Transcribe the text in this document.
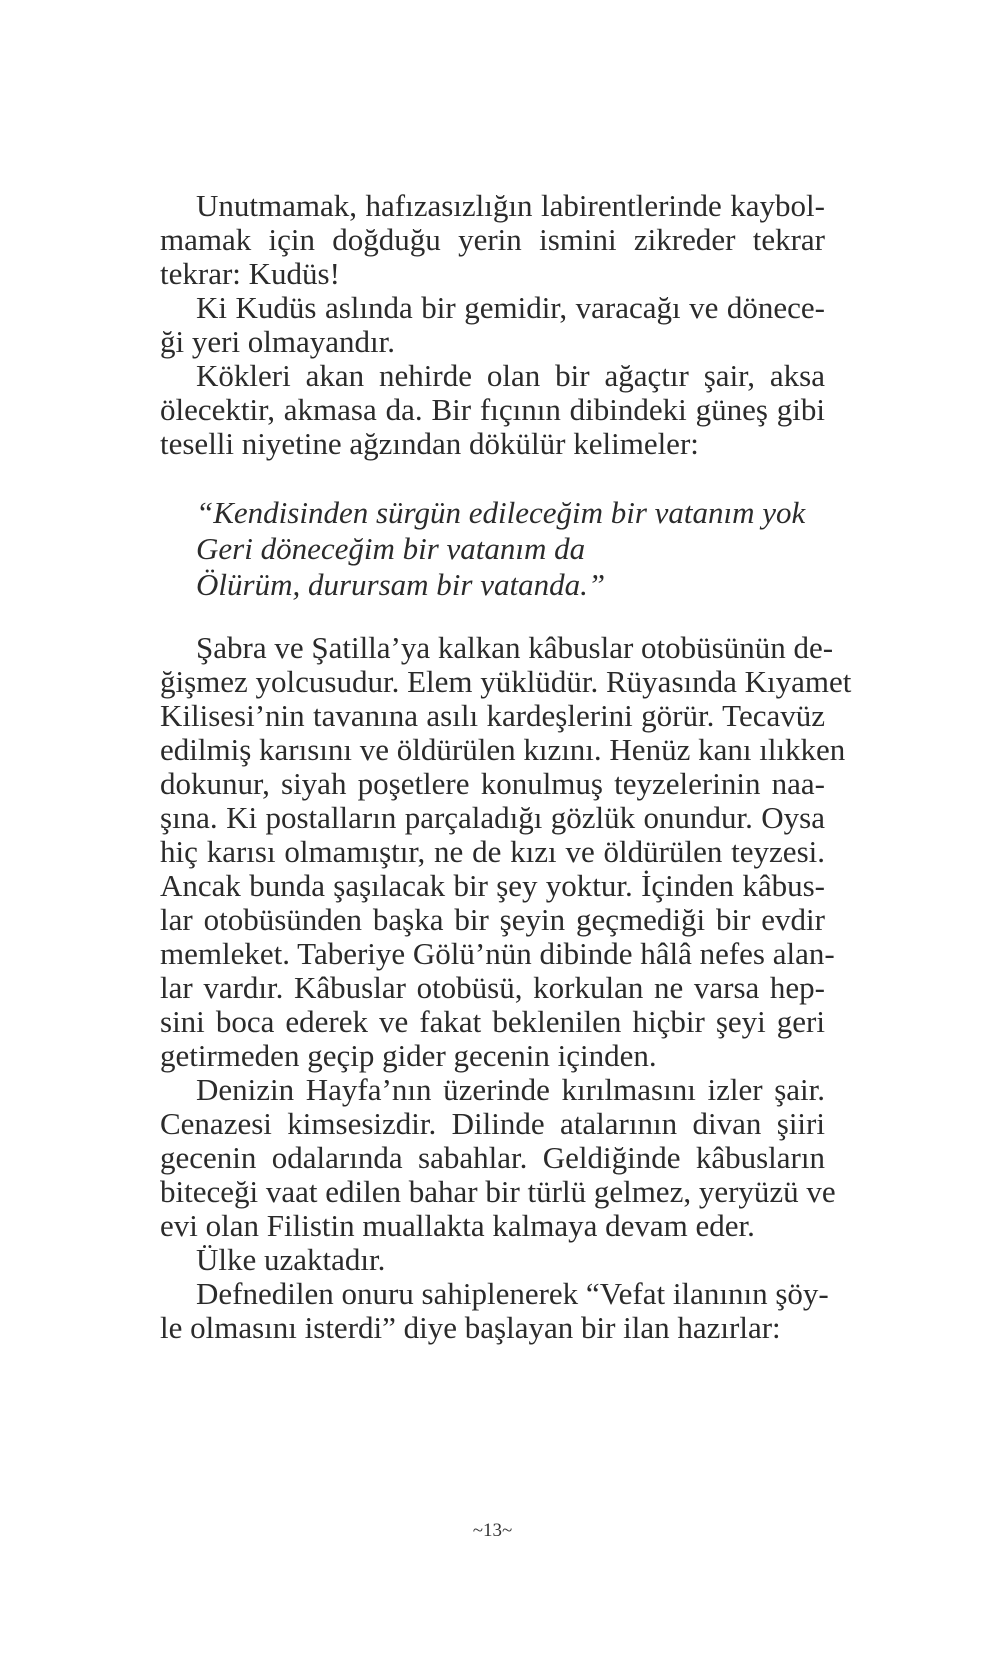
Unutmamak, hafızasızlığın labirentlerinde kaybol-
mamak için doğduğu yerin ismini zikreder tekrar
tekrar: Kudüs!
Ki Kudüs aslında bir gemidir, varacağı ve dönece-
ği yeri olmayandır.
Kökleri akan nehirde olan bir ağaçtır şair, aksa
ölecektir, akmasa da. Bir fıçının dibindeki güneş gibi
teselli niyetine ağzından dökülür kelimeler:
“Kendisinden sürgün edileceğim bir vatanım yok
Geri döneceğim bir vatanım da
Ölürüm, durursam bir vatanda.”
Şabra ve Şatilla’ya kalkan kâbuslar otobüsünün de-
ğişmez yolcusudur. Elem yüklüdür. Rüyasında Kıyamet
Kilisesi’nin tavanına asılı kardeşlerini görür. Tecavüz
edilmiş karısını ve öldürülen kızını. Henüz kanı ılıkken
dokunur, siyah poşetlere konulmuş teyzelerinin naa-
şına. Ki postalların parçaladığı gözlük onundur. Oysa
hiç karısı olmamıştır, ne de kızı ve öldürülen teyzesi.
Ancak bunda şaşılacak bir şey yoktur. İçinden kâbus-
lar otobüsünden başka bir şeyin geçmediği bir evdir
memleket. Taberiye Gölü’nün dibinde hâlâ nefes alan-
lar vardır. Kâbuslar otobüsü, korkulan ne varsa hep-
sini boca ederek ve fakat beklenilen hiçbir şeyi geri
getirmeden geçip gider gecenin içinden.
Denizin Hayfa’nın üzerinde kırılmasını izler şair.
Cenazesi kimsesizdir. Dilinde atalarının divan şiiri
gecenin odalarında sabahlar. Geldiğinde kâbusların
biteceği vaat edilen bahar bir türlü gelmez, yeryüzü ve
evi olan Filistin muallakta kalmaya devam eder.
Ülke uzaktadır.
Defnedilen onuru sahiplenerek “Vefat ilanının şöy-
le olmasını isterdi” diye başlayan bir ilan hazırlar:
~13~
